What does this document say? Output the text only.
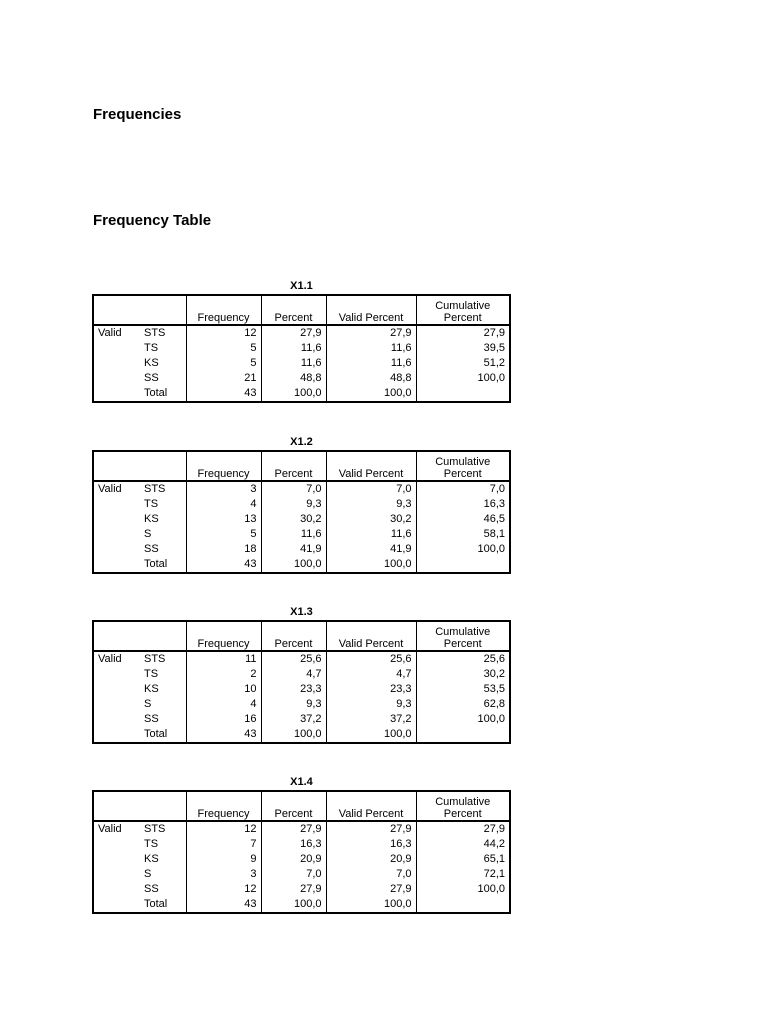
Frequencies
Frequency Table
X1.1
		Frequency	Percent	Valid Percent	Cumulative
Percent
Valid	STS	12	27,9	27,9	27,9
	TS	5	11,6	11,6	39,5
	KS	5	11,6	11,6	51,2
	SS	21	48,8	48,8	100,0
	Total	43	100,0	100,0	
X1.2
		Frequency	Percent	Valid Percent	Cumulative
Percent
Valid	STS	3	7,0	7,0	7,0
	TS	4	9,3	9,3	16,3
	KS	13	30,2	30,2	46,5
	S	5	11,6	11,6	58,1
	SS	18	41,9	41,9	100,0
	Total	43	100,0	100,0	
X1.3
		Frequency	Percent	Valid Percent	Cumulative
Percent
Valid	STS	11	25,6	25,6	25,6
	TS	2	4,7	4,7	30,2
	KS	10	23,3	23,3	53,5
	S	4	9,3	9,3	62,8
	SS	16	37,2	37,2	100,0
	Total	43	100,0	100,0	
X1.4
		Frequency	Percent	Valid Percent	Cumulative
Percent
Valid	STS	12	27,9	27,9	27,9
	TS	7	16,3	16,3	44,2
	KS	9	20,9	20,9	65,1
	S	3	7,0	7,0	72,1
	SS	12	27,9	27,9	100,0
	Total	43	100,0	100,0	
